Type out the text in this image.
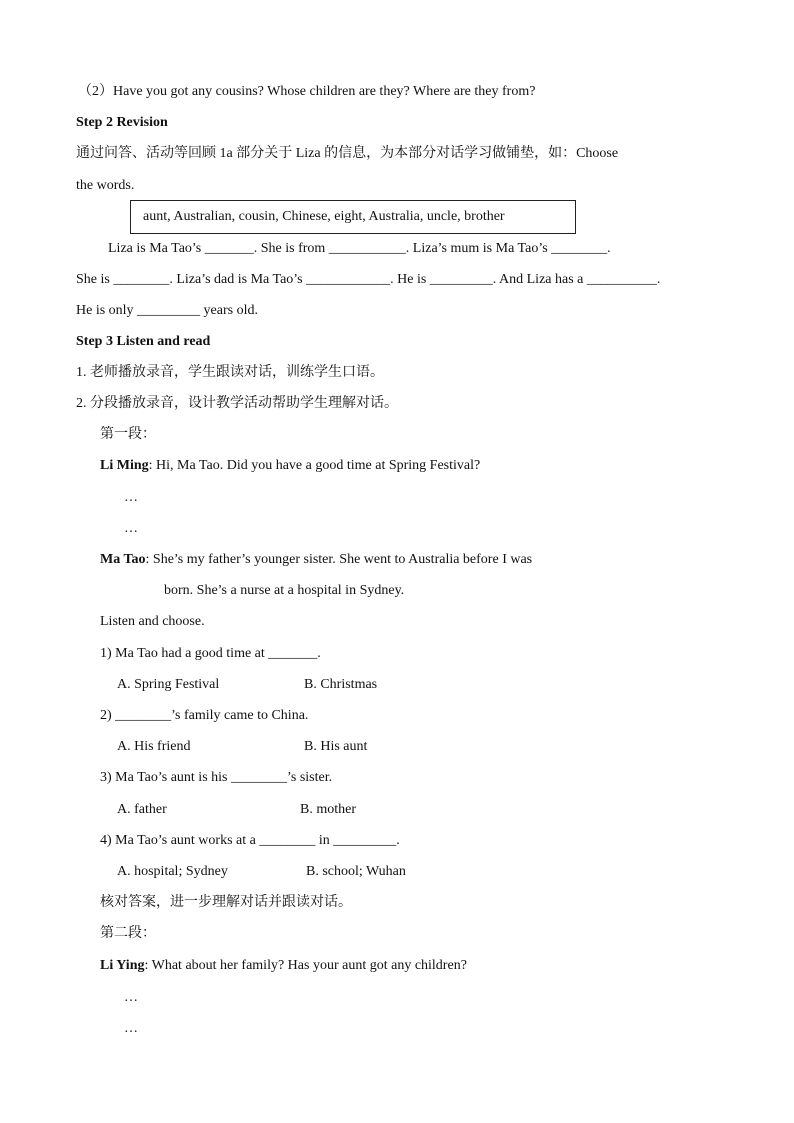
（2）Have you got any cousins? Whose children are they? Where are they from?
Step 2 Revision
通过问答、活动等回顾 1a 部分关于 Liza 的信息，为本部分对话学习做铺垫，如：Choose
the words.
aunt, Australian, cousin, Chinese, eight, Australia, uncle, brother
Liza is Ma Tao’s _______. She is from ___________. Liza’s mum is Ma Tao’s ________.
She is ________. Liza’s dad is Ma Tao’s ____________. He is _________. And Liza has a __________.
He is only _________ years old.
Step 3 Listen and read
1. 老师播放录音，学生跟读对话，训练学生口语。
2. 分段播放录音，设计教学活动帮助学生理解对话。
第一段：
Li Ming: Hi, Ma Tao. Did you have a good time at Spring Festival?
…
…
Ma Tao: She’s my father’s younger sister. She went to Australia before I was
born. She’s a nurse at a hospital in Sydney.
Listen and choose.
1) Ma Tao had a good time at _______.
A. Spring Festival	B. Christmas
2) ________’s family came to China.
A. His friend	B. His aunt
3) Ma Tao’s aunt is his ________’s sister.
A. father	B. mother
4) Ma Tao’s aunt works at a ________ in _________.
A. hospital; Sydney	B. school; Wuhan
核对答案，进一步理解对话并跟读对话。
第二段：
Li Ying: What about her family? Has your aunt got any children?
…
…
